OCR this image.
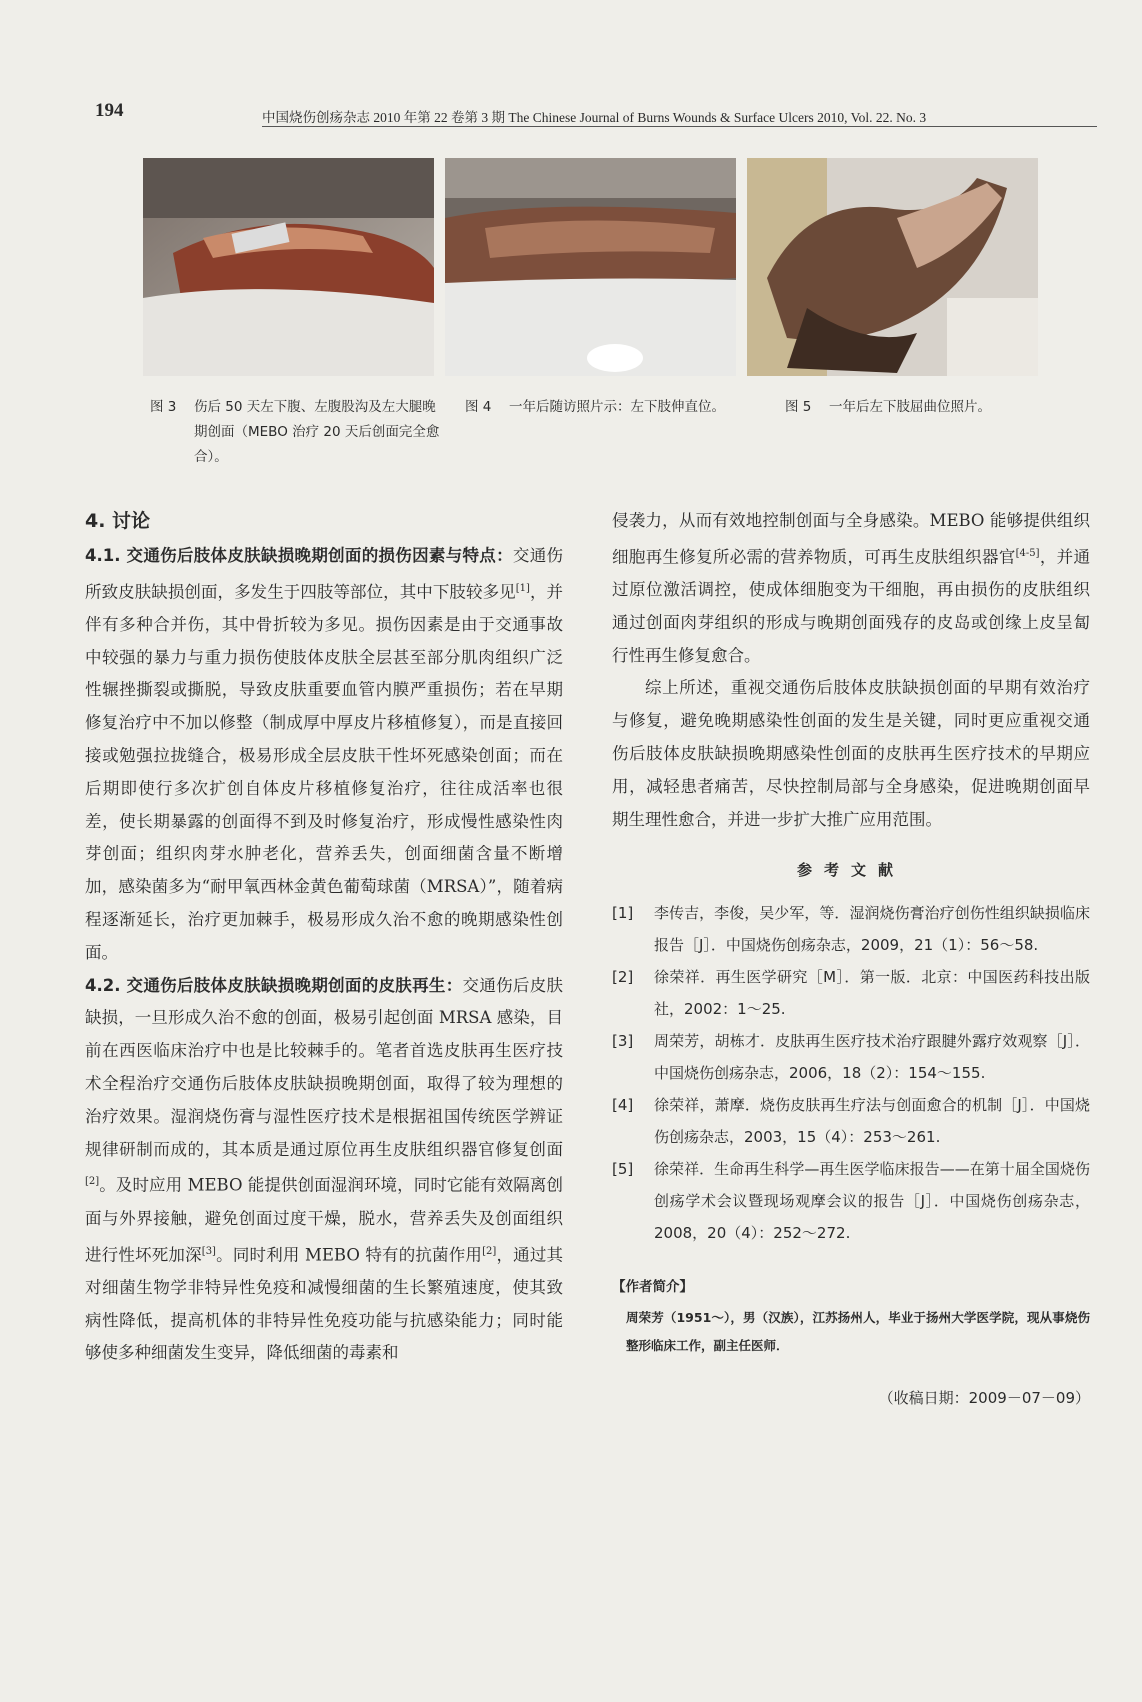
194	中国烧伤创疡杂志 2010 年第 22 卷第 3 期 The Chinese Journal of Burns Wounds & Surface Ulcers 2010, Vol. 22. No. 3
图 3	伤后 50 天左下腹、左腹股沟及左大腿晚期创面（MEBO 治疗 20 天后创面完全愈合）。
图 4	一年后随访照片示：左下肢伸直位。	图 5	一年后左下肢屈曲位照片。

4. 讨论

4.1. 交通伤后肢体皮肤缺损晚期创面的损伤因素与特点：交通伤所致皮肤缺损创面，多发生于四肢等部位，其中下肢较多见[1]，并伴有多种合并伤，其中骨折较为多见。损伤因素是由于交通事故中较强的暴力与重力损伤使肢体皮肤全层甚至部分肌肉组织广泛性辗挫撕裂或撕脱，导致皮肤重要血管内膜严重损伤；若在早期修复治疗中不加以修整（制成厚中厚皮片移植修复），而是直接回接或勉强拉拢缝合，极易形成全层皮肤干性坏死感染创面；而在后期即使行多次扩创自体皮片移植修复治疗，往往成活率也很差，使长期暴露的创面得不到及时修复治疗，形成慢性感染性肉芽创面；组织肉芽水肿老化，营养丢失，创面细菌含量不断增加，感染菌多为“耐甲氧西林金黄色葡萄球菌（MRSA）”，随着病程逐渐延长，治疗更加棘手，极易形成久治不愈的晚期感染性创面。

4.2. 交通伤后肢体皮肤缺损晚期创面的皮肤再生：交通伤后皮肤缺损，一旦形成久治不愈的创面，极易引起创面 MRSA 感染，目前在西医临床治疗中也是比较棘手的。笔者首选皮肤再生医疗技术全程治疗交通伤后肢体皮肤缺损晚期创面，取得了较为理想的治疗效果。湿润烧伤膏与湿性医疗技术是根据祖国传统医学辨证规律研制而成的，其本质是通过原位再生皮肤组织器官修复创面[2]。及时应用 MEBO 能提供创面湿润环境，同时它能有效隔离创面与外界接触，避免创面过度干燥，脱水，营养丢失及创面组织进行性坏死加深[3]。同时利用 MEBO 特有的抗菌作用[2]，通过其对细菌生物学非特异性免疫和减慢细菌的生长繁殖速度，使其致病性降低，提高机体的非特异性免疫功能与抗感染能力；同时能够使多种细菌发生变异，降低细菌的毒素和

侵袭力，从而有效地控制创面与全身感染。MEBO 能够提供组织细胞再生修复所必需的营养物质，可再生皮肤组织器官[4-5]，并通过原位激活调控，使成体细胞变为干细胞，再由损伤的皮肤组织通过创面肉芽组织的形成与晚期创面残存的皮岛或创缘上皮呈匐行性再生修复愈合。

综上所述，重视交通伤后肢体皮肤缺损创面的早期有效治疗与修复，避免晚期感染性创面的发生是关键，同时更应重视交通伤后肢体皮肤缺损晚期感染性创面的皮肤再生医疗技术的早期应用，减轻患者痛苦，尽快控制局部与全身感染，促进晚期创面早期生理性愈合，并进一步扩大推广应用范围。

参考文献

[1] 李传吉，李俊，吴少军，等．湿润烧伤膏治疗创伤性组织缺损临床报告［J］．中国烧伤创疡杂志，2009，21（1）：56～58.
[2] 徐荣祥．再生医学研究［M］．第一版．北京：中国医药科技出版社，2002：1～25.
[3] 周荣芳，胡栋才．皮肤再生医疗技术治疗跟腱外露疗效观察［J］．中国烧伤创疡杂志，2006，18（2）：154～155.
[4] 徐荣祥，萧摩．烧伤皮肤再生疗法与创面愈合的机制［J］．中国烧伤创疡杂志，2003，15（4）：253～261.
[5] 徐荣祥．生命再生科学—再生医学临床报告——在第十届全国烧伤创疡学术会议暨现场观摩会议的报告［J］．中国烧伤创疡杂志，2008，20（4）：252～272.

【作者简介】

周荣芳（1951～），男（汉族），江苏扬州人，毕业于扬州大学医学院，现从事烧伤整形临床工作，副主任医师．

（收稿日期：2009－07－09）
